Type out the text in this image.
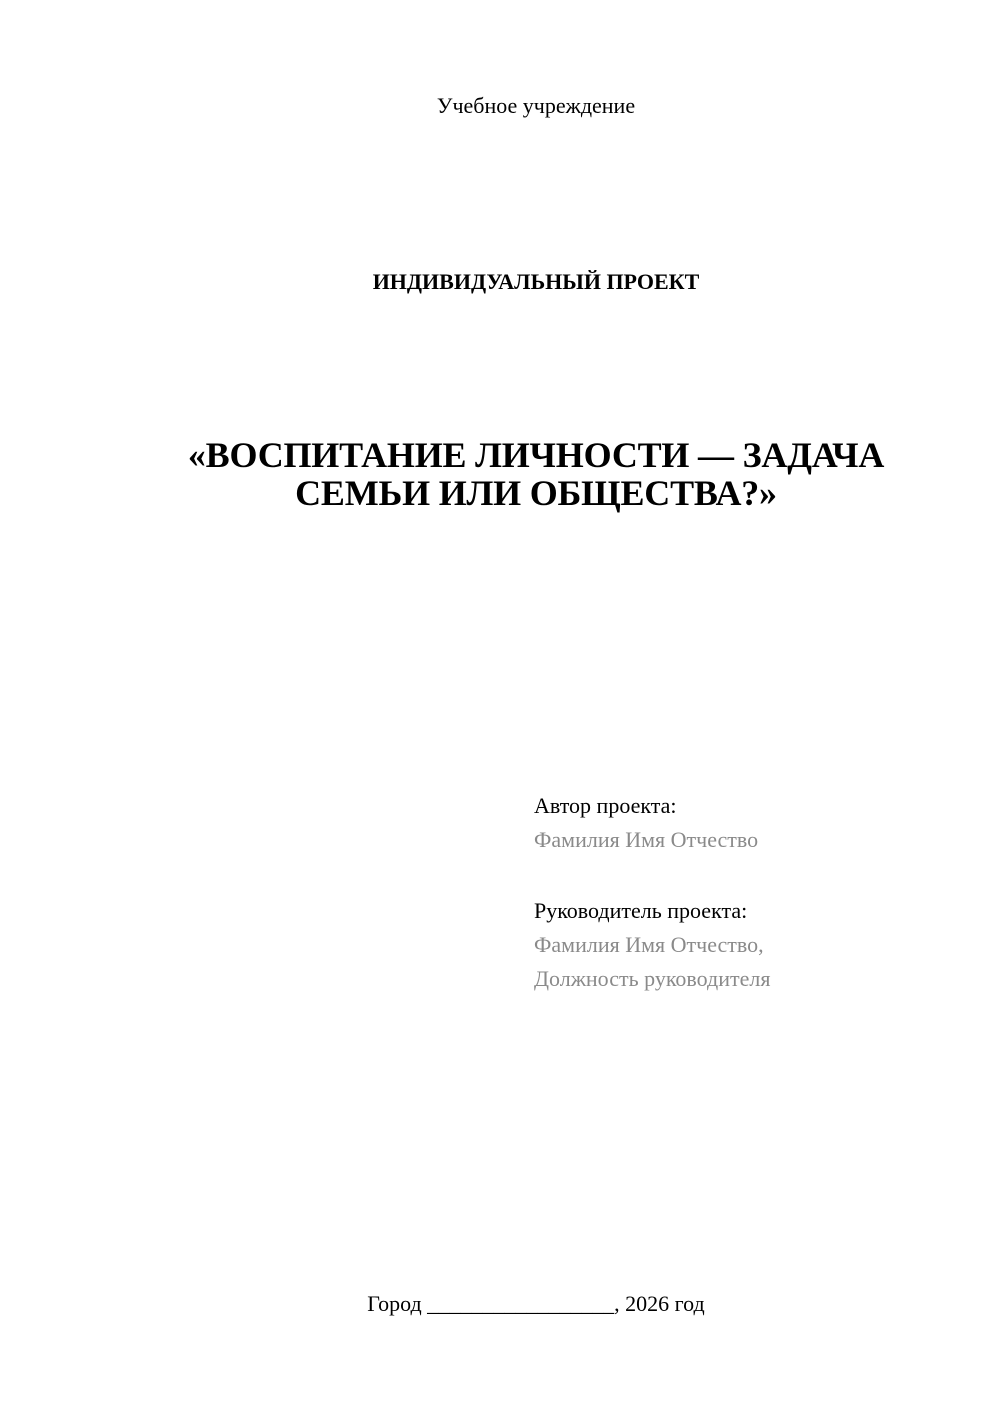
Учебное учреждение
ИНДИВИДУАЛЬНЫЙ ПРОЕКТ
«ВОСПИТАНИЕ ЛИЧНОСТИ — ЗАДАЧА
СЕМЬИ ИЛИ ОБЩЕСТВА?»
Автор проекта:
Фамилия Имя Отчество
Руководитель проекта:
Фамилия Имя Отчество,
Должность руководителя
Город _________________, 2026 год
